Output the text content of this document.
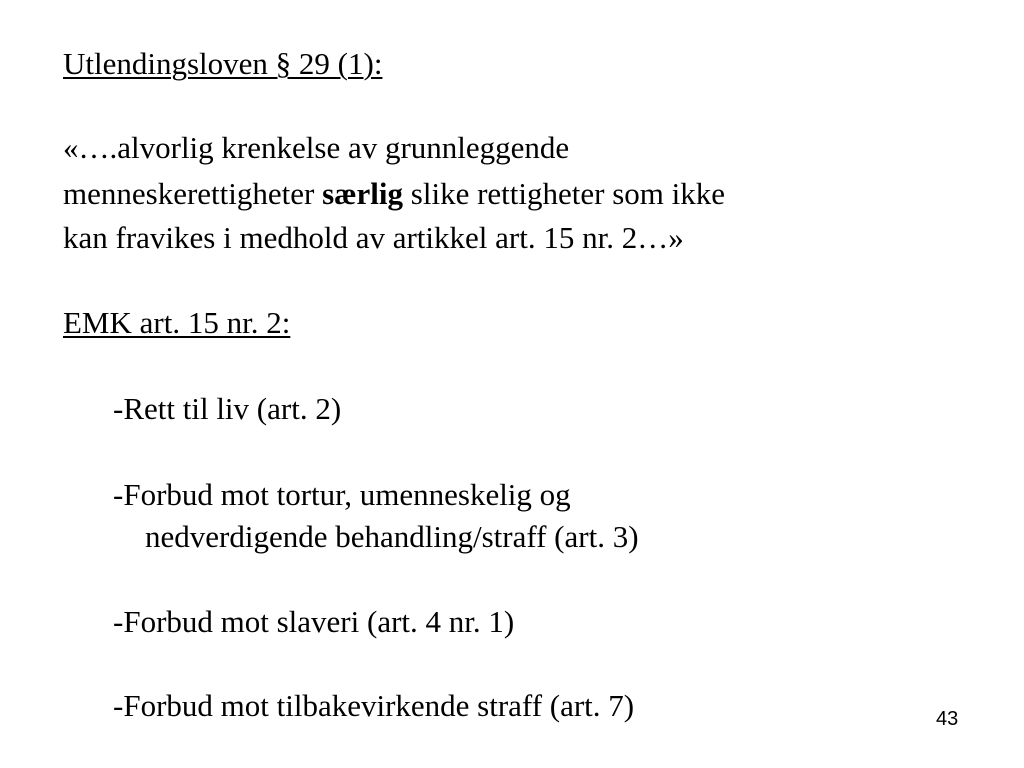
Utlendingsloven § 29 (1):
«….alvorlig krenkelse av grunnleggende
menneskerettigheter særlig slike rettigheter som ikke
kan fravikes i medhold av artikkel art. 15 nr. 2…»
EMK art. 15 nr. 2:
-Rett til liv (art. 2)
-Forbud mot tortur, umenneskelig og
nedverdigende behandling/straff (art. 3)
-Forbud mot slaveri (art. 4 nr. 1)
-Forbud mot tilbakevirkende straff (art. 7)	43
